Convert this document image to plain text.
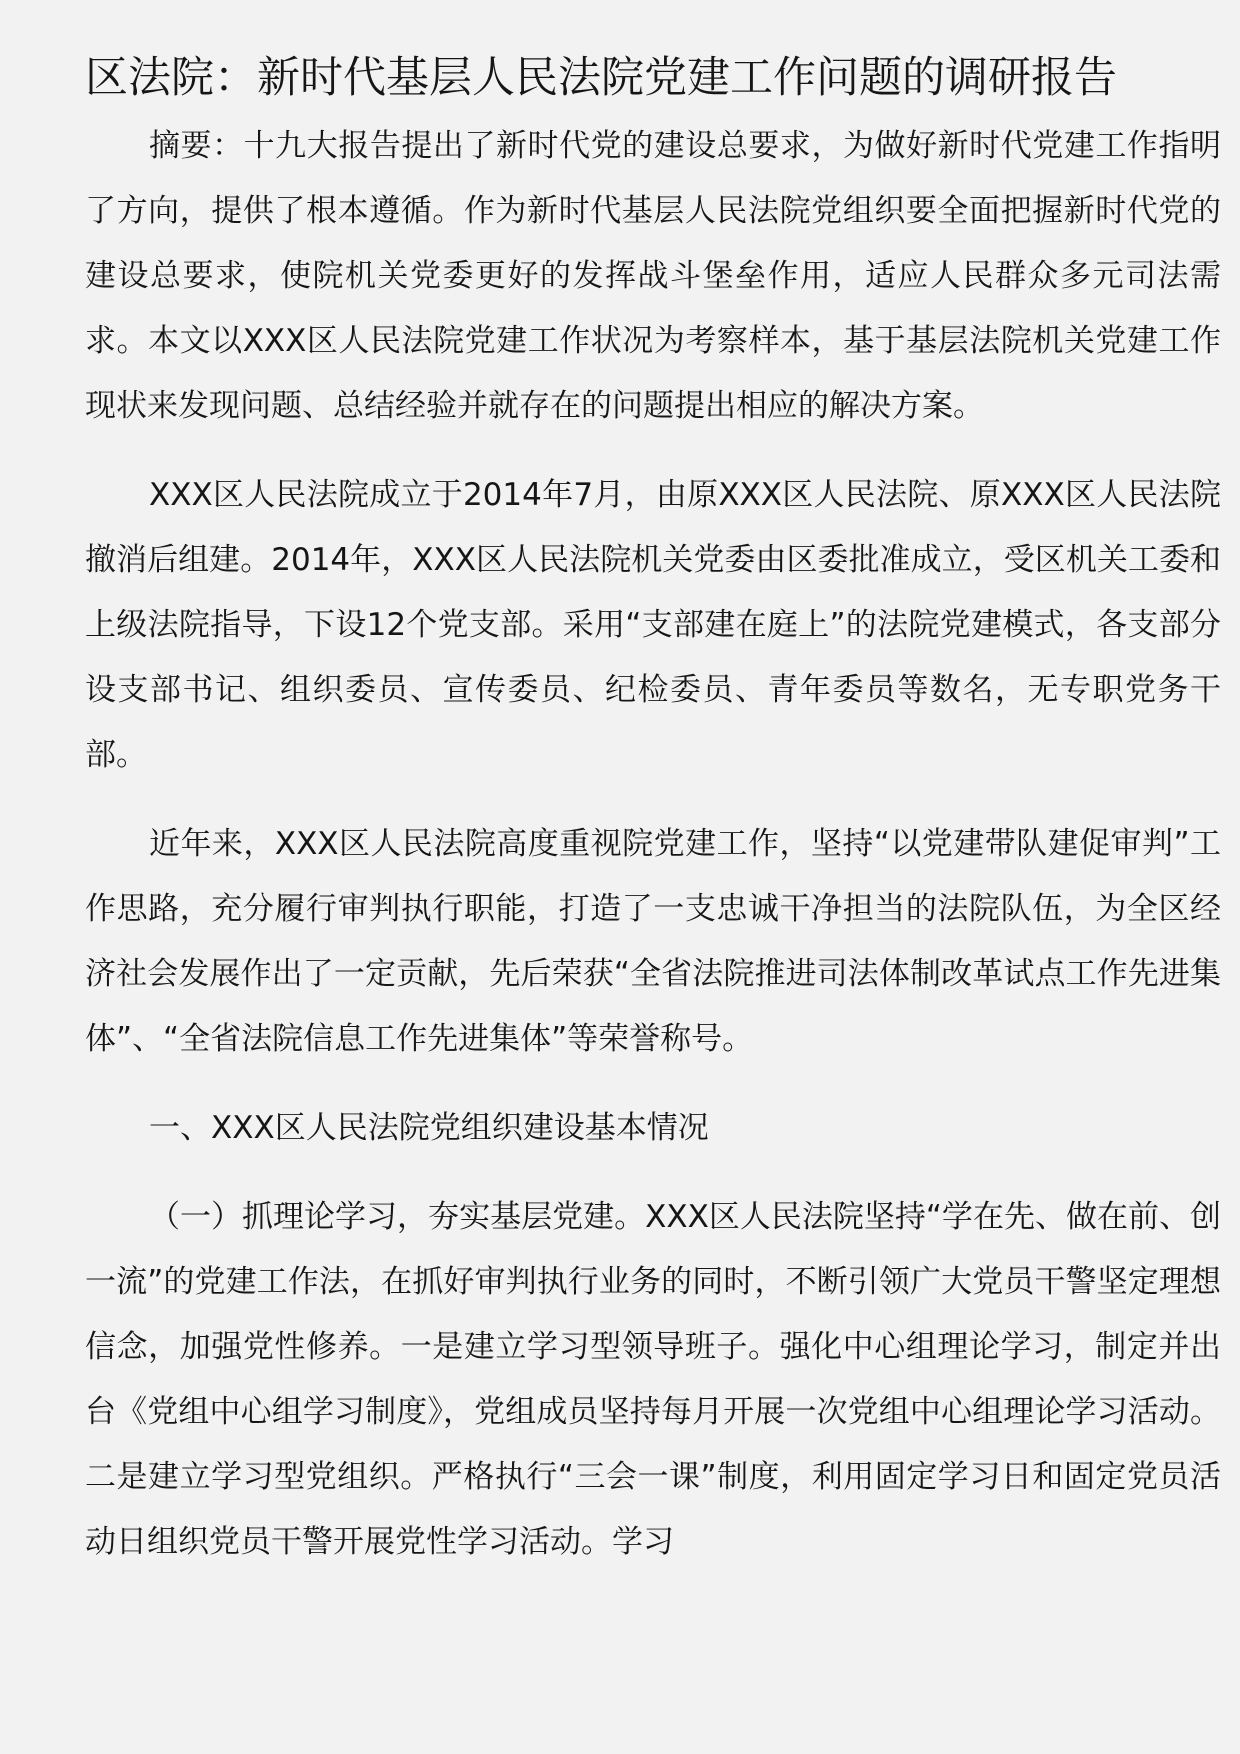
区法院：新时代基层人民法院党建工作问题的调研报告

摘要：十九大报告提出了新时代党的建设总要求，为做好新时代党建工作指明了方向，提供了根本遵循。作为新时代基层人民法院党组织要全面把握新时代党的建设总要求，使院机关党委更好的发挥战斗堡垒作用，适应人民群众多元司法需求。本文以XXX区人民法院党建工作状况为考察样本，基于基层法院机关党建工作现状来发现问题、总结经验并就存在的问题提出相应的解决方案。

XXX区人民法院成立于2014年7月，由原XXX区人民法院、原XXX区人民法院撤消后组建。2014年，XXX区人民法院机关党委由区委批准成立，受区机关工委和上级法院指导，下设12个党支部。采用“支部建在庭上”的法院党建模式，各支部分设支部书记、组织委员、宣传委员、纪检委员、青年委员等数名，无专职党务干部。

近年来，XXX区人民法院高度重视院党建工作，坚持“以党建带队建促审判”工作思路，充分履行审判执行职能，打造了一支忠诚干净担当的法院队伍，为全区经济社会发展作出了一定贡献，先后荣获“全省法院推进司法体制改革试点工作先进集体”、“全省法院信息工作先进集体”等荣誉称号。

一、XXX区人民法院党组织建设基本情况

（一）抓理论学习，夯实基层党建。XXX区人民法院坚持“学在先、做在前、创一流”的党建工作法，在抓好审判执行业务的同时，不断引领广大党员干警坚定理想信念，加强党性修养。一是建立学习型领导班子。强化中心组理论学习，制定并出台《党组中心组学习制度》，党组成员坚持每月开展一次党组中心组理论学习活动。二是建立学习型党组织。严格执行“三会一课”制度，利用固定学习日和固定党员活动日组织党员干警开展党性学习活动。学习
